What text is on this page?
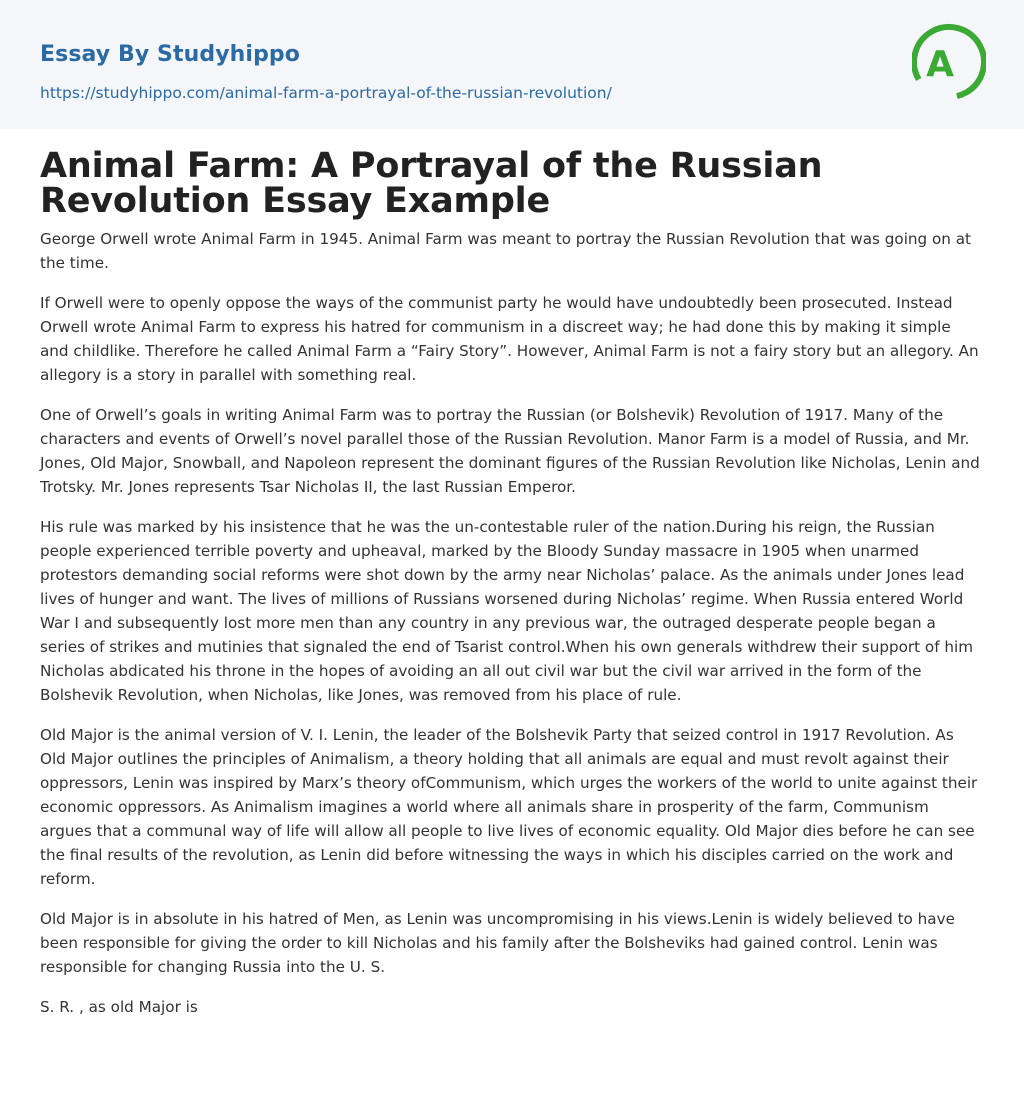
Essay By Studyhippo
https://studyhippo.com/animal-farm-a-portrayal-of-the-russian-revolution/
A
Animal Farm: A Portrayal of the Russian Revolution Essay Example

George Orwell wrote Animal Farm in 1945. Animal Farm was meant to portray the Russian Revolution that was going on at the time.

If Orwell were to openly oppose the ways of the communist party he would have undoubtedly been prosecuted. Instead Orwell wrote Animal Farm to express his hatred for communism in a discreet way; he had done this by making it simple and childlike. Therefore he called Animal Farm a “Fairy Story”. However, Animal Farm is not a fairy story but an allegory. An allegory is a story in parallel with something real.

One of Orwell’s goals in writing Animal Farm was to portray the Russian (or Bolshevik) Revolution of 1917. Many of the characters and events of Orwell’s novel parallel those of the Russian Revolution. Manor Farm is a model of Russia, and Mr. Jones, Old Major, Snowball, and Napoleon represent the dominant figures of the Russian Revolution like Nicholas, Lenin and Trotsky. Mr. Jones represents Tsar Nicholas II, the last Russian Emperor.

His rule was marked by his insistence that he was the un-contestable ruler of the nation.During his reign, the Russian people experienced terrible poverty and upheaval, marked by the Bloody Sunday massacre in 1905 when unarmed protestors demanding social reforms were shot down by the army near Nicholas’ palace. As the animals under Jones lead lives of hunger and want. The lives of millions of Russians worsened during Nicholas’ regime. When Russia entered World War I and subsequently lost more men than any country in any previous war, the outraged desperate people began a series of strikes and mutinies that signaled the end of Tsarist control.When his own generals withdrew their support of him Nicholas abdicated his throne in the hopes of avoiding an all out civil war but the civil war arrived in the form of the Bolshevik Revolution, when Nicholas, like Jones, was removed from his place of rule.

Old Major is the animal version of V. I. Lenin, the leader of the Bolshevik Party that seized control in 1917 Revolution. As Old Major outlines the principles of Animalism, a theory holding that all animals are equal and must revolt against their oppressors, Lenin was inspired by Marx’s theory ofCommunism, which urges the workers of the world to unite against their economic oppressors. As Animalism imagines a world where all animals share in prosperity of the farm, Communism argues that a communal way of life will allow all people to live lives of economic equality. Old Major dies before he can see the final results of the revolution, as Lenin did before witnessing the ways in which his disciples carried on the work and reform.

Old Major is in absolute in his hatred of Men, as Lenin was uncompromising in his views.Lenin is widely believed to have been responsible for giving the order to kill Nicholas and his family after the Bolsheviks had gained control. Lenin was responsible for changing Russia into the U. S.

S. R. , as old Major is
